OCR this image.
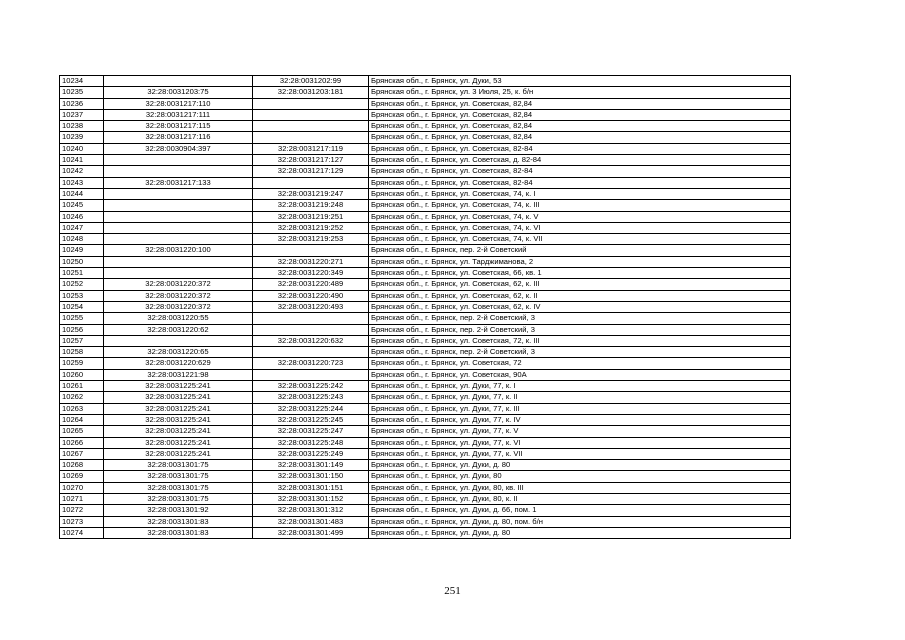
10234		32:28:0031202:99	Брянская обл., г. Брянск, ул. Дуки, 53
10235	32:28:0031203:75	32:28:0031203:181	Брянская обл., г. Брянск, ул. 3 Июля, 25, к. б/н
10236	32:28:0031217:110		Брянская обл., г. Брянск, ул. Советская, 82,84
10237	32:28:0031217:111		Брянская обл., г. Брянск, ул. Советская, 82,84
10238	32:28:0031217:115		Брянская обл., г. Брянск, ул. Советская, 82,84
10239	32:28:0031217:116		Брянская обл., г. Брянск, ул. Советская, 82,84
10240	32:28:0030904:397	32:28:0031217:119	Брянская обл., г. Брянск, ул. Советская, 82-84
10241		32:28:0031217:127	Брянская обл., г. Брянск, ул. Советская, д. 82-84
10242		32:28:0031217:129	Брянская обл., г. Брянск, ул. Советская, 82-84
10243	32:28:0031217:133		Брянская обл., г. Брянск, ул. Советская, 82-84
10244		32:28:0031219:247	Брянская обл., г. Брянск, ул. Советская, 74, к. I
10245		32:28:0031219:248	Брянская обл., г. Брянск, ул. Советская, 74, к. III
10246		32:28:0031219:251	Брянская обл., г. Брянск, ул. Советская, 74, к. V
10247		32:28:0031219:252	Брянская обл., г. Брянск, ул. Советская, 74, к. VI
10248		32:28:0031219:253	Брянская обл., г. Брянск, ул. Советская, 74, к. VII
10249	32:28:0031220:100		Брянская обл., г. Брянск, пер. 2-й Советский
10250		32:28:0031220:271	Брянская обл., г. Брянск, ул. Тарджимановa, 2
10251		32:28:0031220:349	Брянская обл., г. Брянск, ул. Советская, 66, кв. 1
10252	32:28:0031220:372	32:28:0031220:489	Брянская обл., г. Брянск, ул. Советская, 62, к. III
10253	32:28:0031220:372	32:28:0031220:490	Брянская обл., г. Брянск, ул. Советская, 62, к. II
10254	32:28:0031220:372	32:28:0031220:493	Брянская обл., г. Брянск, ул. Советская, 62, к. IV
10255	32:28:0031220:55		Брянская обл., г. Брянск, пер. 2-й Советский, 3
10256	32:28:0031220:62		Брянская обл., г. Брянск, пер. 2-й Советский, 3
10257		32:28:0031220:632	Брянская обл., г. Брянск, ул. Советская, 72, к. III
10258	32:28:0031220:65		Брянская обл., г. Брянск, пер. 2-й Советский, 3
10259	32:28:0031220:629	32:28:0031220:723	Брянская обл., г. Брянск, ул. Советская, 72
10260	32:28:0031221:98		Брянская обл., г. Брянск, ул. Советская, 90А
10261	32:28:0031225:241	32:28:0031225:242	Брянская обл., г. Брянск, ул. Дуки, 77, к. I
10262	32:28:0031225:241	32:28:0031225:243	Брянская обл., г. Брянск, ул. Дуки, 77, к. II
10263	32:28:0031225:241	32:28:0031225:244	Брянская обл., г. Брянск, ул. Дуки, 77, к. III
10264	32:28:0031225:241	32:28:0031225:245	Брянская обл., г. Брянск, ул. Дуки, 77, к. IV
10265	32:28:0031225:241	32:28:0031225:247	Брянская обл., г. Брянск, ул. Дуки, 77, к. V
10266	32:28:0031225:241	32:28:0031225:248	Брянская обл., г. Брянск, ул. Дуки, 77, к. VI
10267	32:28:0031225:241	32:28:0031225:249	Брянская обл., г. Брянск, ул. Дуки, 77, к. VII
10268	32:28:0031301:75	32:28:0031301:149	Брянская обл., г. Брянск, ул. Дуки, д. 80
10269	32:28:0031301:75	32:28:0031301:150	Брянская обл., г. Брянск, ул. Дуки, 80
10270	32:28:0031301:75	32:28:0031301:151	Брянская обл., г. Брянск, ул. Дуки, 80, кв. III
10271	32:28:0031301:75	32:28:0031301:152	Брянская обл., г. Брянск, ул. Дуки, 80, к. II
10272	32:28:0031301:92	32:28:0031301:312	Брянская обл., г. Брянск, ул. Дуки, д. 66, пом. 1
10273	32:28:0031301:83	32:28:0031301:483	Брянская обл., г. Брянск, ул. Дуки, д. 80, пом. б/н
10274	32:28:0031301:83	32:28:0031301:499	Брянская обл., г. Брянск, ул. Дуки, д. 80
251
